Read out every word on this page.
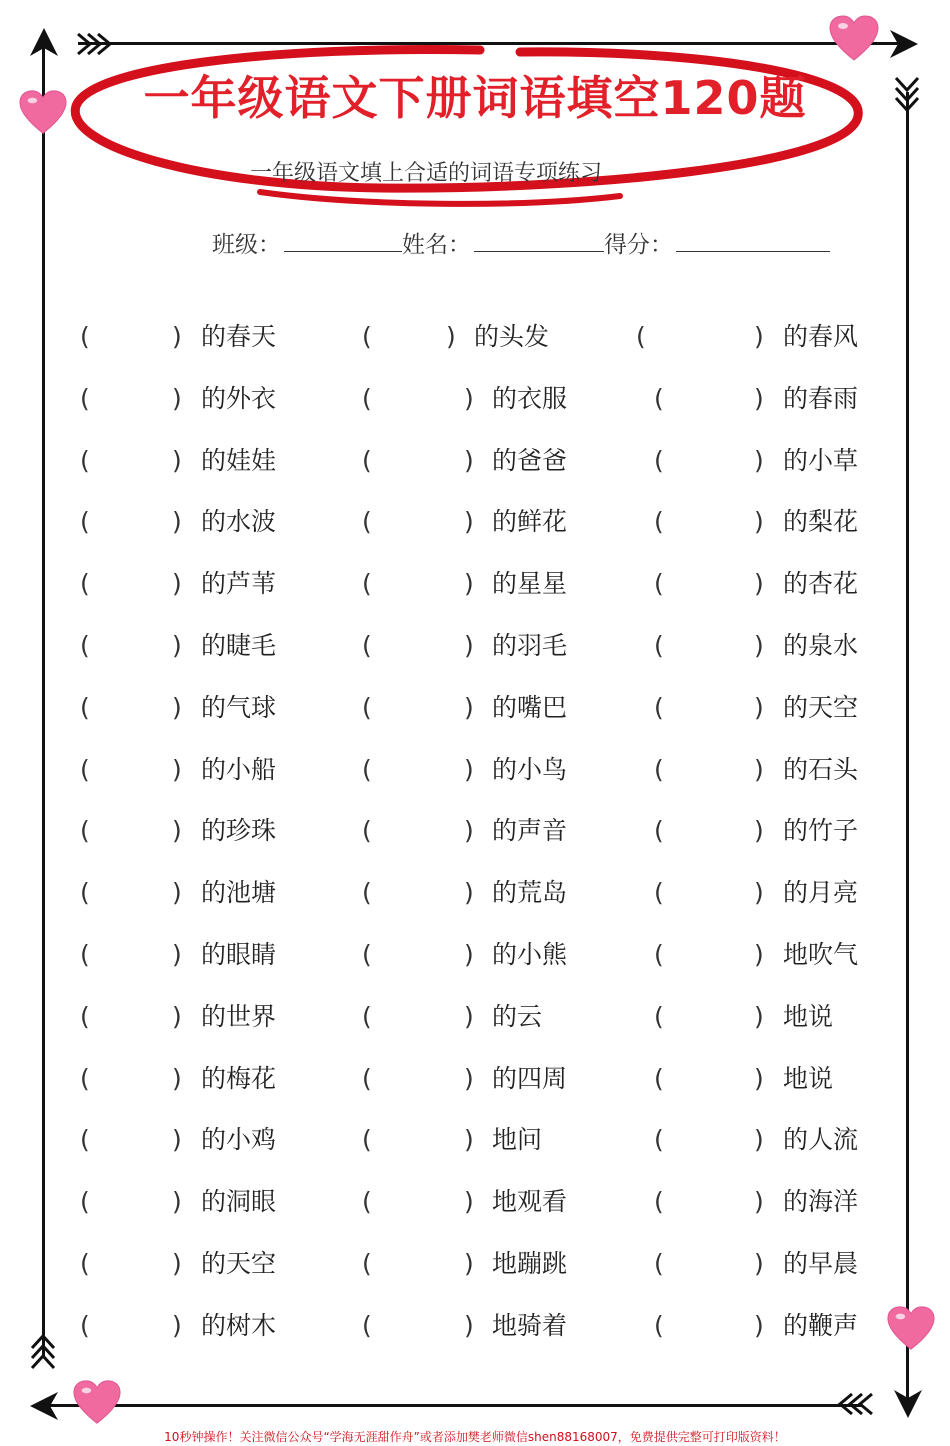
一年级语文下册词语填空120题
一年级语文填上合适的词语专项练习
班级：	姓名：	得分：
(	) 的春天	(	) 的头发	(	) 的春风
(	) 的外衣	(	) 的衣服	(	) 的春雨
(	) 的娃娃	(	) 的爸爸	(	) 的小草
(	) 的水波	(	) 的鲜花	(	) 的梨花
(	) 的芦苇	(	) 的星星	(	) 的杏花
(	) 的睫毛	(	) 的羽毛	(	) 的泉水
(	) 的气球	(	) 的嘴巴	(	) 的天空
(	) 的小船	(	) 的小鸟	(	) 的石头
(	) 的珍珠	(	) 的声音	(	) 的竹子
(	) 的池塘	(	) 的荒岛	(	) 的月亮
(	) 的眼睛	(	) 的小熊	(	) 地吹气
(	) 的世界	(	) 的云	(	) 地说
(	) 的梅花	(	) 的四周	(	) 地说
(	) 的小鸡	(	) 地问	(	) 的人流
(	) 的洞眼	(	) 地观看	(	) 的海洋
(	) 的天空	(	) 地蹦跳	(	) 的早晨
(	) 的树木	(	) 地骑着	(	) 的鞭声
10秒钟操作！关注微信公众号“学海无涯甜作舟”或者添加樊老师微信shen88168007，免费提供完整可打印版资料！
